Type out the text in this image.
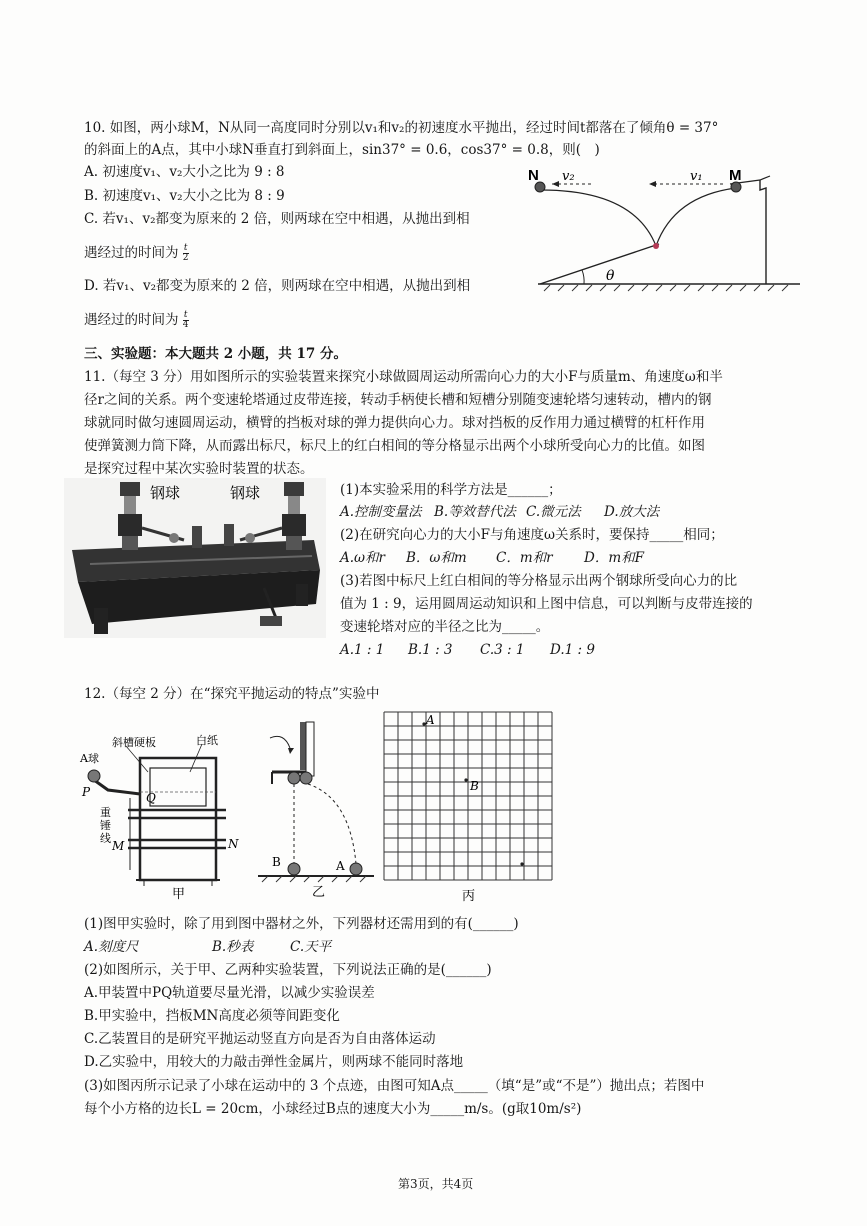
10. 如图，两小球M，N从同一高度同时分别以v₁和v₂的初速度水平抛出，经过时间t都落在了倾角θ = 37°
的斜面上的A点，其中小球N垂直打到斜面上，sin37° = 0.6，cos37° = 0.8，则(　)
A. 初速度v₁、v₂大小之比为 9 : 8
B. 初速度v₁、v₂大小之比为 8 : 9
C. 若v₁、v₂都变为原来的 2 倍，则两球在空中相遇，从抛出到相
遇经过的时间为 $\frac{t}{2}$
D. 若v₁、v₂都变为原来的 2 倍，则两球在空中相遇，从抛出到相
遇经过的时间为 $\frac{t}{4}$
N	M
v₂	v₁
θ
三、实验题：本大题共 2 小题，共 17 分。
11.（每空 3 分）用如图所示的实验装置来探究小球做圆周运动所需向心力的大小F与质量m、角速度ω和半
径r之间的关系。两个变速轮塔通过皮带连接，转动手柄使长槽和短槽分别随变速轮塔匀速转动，槽内的钢
球就同时做匀速圆周运动，横臂的挡板对球的弹力提供向心力。球对挡板的反作用力通过横臂的杠杆作用
使弹簧测力筒下降，从而露出标尺，标尺上的红白相间的等分格显示出两个小球所受向心力的比值。如图
是探究过程中某次实验时装置的状态。
钢球	钢球	(1)本实验采用的科学方法是______；
A.控制变量法 B.等效替代法 C.微元法 D.放大法
(2)在研究向心力的大小F与角速度ω关系时，要保持_____相同；
A.ω和r B．ω和m C．m和r D．m和F
(3)若图中标尺上红白相间的等分格显示出两个钢球所受向心力的比
值为 1 : 9，运用圆周运动知识和上图中信息，可以判断与皮带连接的
变速轮塔对应的半径之比为_____。
A.1 : 1 B.1 : 3 C.3 : 1 D.1 : 9
12.（每空 2 分）在“探究平抛运动的特点”实验中
A球
斜槽硬板	白纸
P	Q
重
锤
线
M	N
甲
B	A
乙
A
B
丙
(1)图甲实验时，除了用到图中器材之外，下列器材还需用到的有(______)
A.刻度尺	B.秒表	C.天平
(2)如图所示，关于甲、乙两种实验装置，下列说法正确的是(______)
A.甲装置中PQ轨道要尽量光滑，以减少实验误差
B.甲实验中，挡板MN高度必须等间距变化
C.乙装置目的是研究平抛运动竖直方向是否为自由落体运动
D.乙实验中，用较大的力敲击弹性金属片，则两球不能同时落地
(3)如图丙所示记录了小球在运动中的 3 个点迹，由图可知A点_____（填“是”或“不是”）抛出点；若图中
每个小方格的边长L = 20cm，小球经过B点的速度大小为_____m/s。(g取10m/s²)
第3页，共4页
